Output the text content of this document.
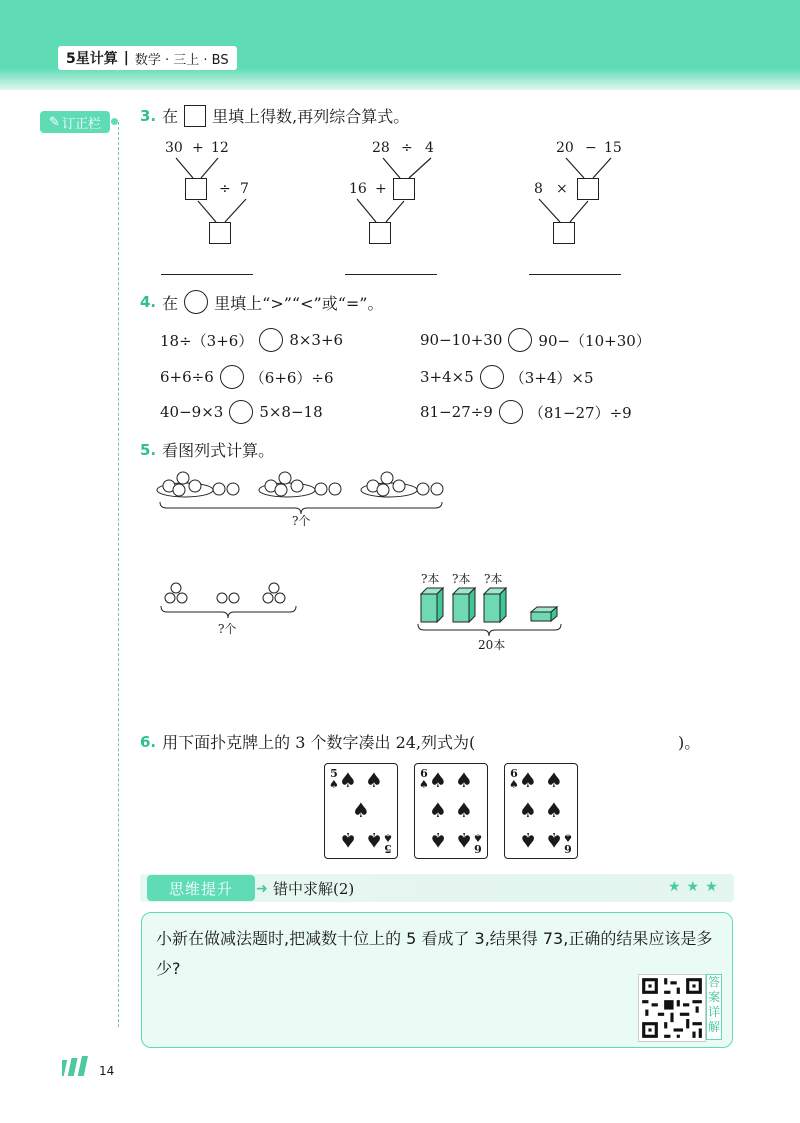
5星计算 | 数学 · 三上 · BS
✎ 订正栏	3. 在 里填上得数,再列综合算式。
30 + 12
÷ 7
28 ÷ 4
16 +
20 − 15
8 ×
4. 在 里填上“>”“<”或“=”。
18÷（3+6） 8×3+6	90−10+30 90−（10+30）
6+6÷6 （6+6）÷6	3+4×5 （3+4）×5
40−9×3 5×8−18	81−27÷9 （81−27）÷9
5. 看图列式计算。
?个
?个
?本 ?本 ?本
20本
6. 用下面扑克牌上的 3 个数字凑出 24,列式为(	)。
5
♠
5
♠
♠ ♠
♠
♠ ♠
6
♠
6
♠
♠ ♠
♠ ♠
♠ ♠
6
♠
6
♠
♠ ♠
♠ ♠
♠ ♠
思维提升	➜ 错中求解(2)	★★★
小新在做减法题时,把减数十位上的 5 看成了 3,结果得 73,正确的结果应该是多少?
答案详解
14
